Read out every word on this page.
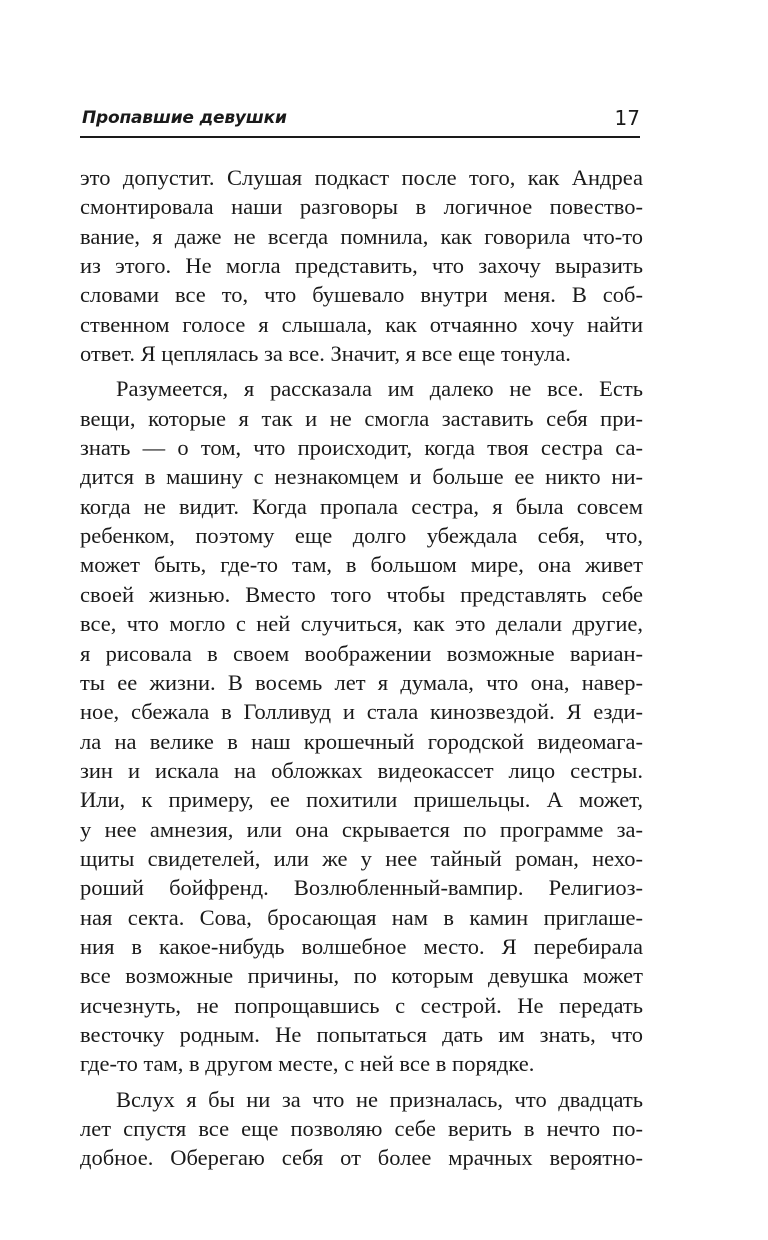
Пропавшие девушки	17
это допустит. Слушая подкаст после того, как Андреа
смонтировала наши разговоры в логичное повество-
вание, я даже не всегда помнила, как говорила что-то
из этого. Не могла представить, что захочу выразить
словами все то, что бушевало внутри меня. В соб-
ственном голосе я слышала, как отчаянно хочу найти
ответ. Я цеплялась за все. Значит, я все еще тонула.
Разумеется, я рассказала им далеко не все. Есть
вещи, которые я так и не смогла заставить себя при-
знать — о том, что происходит, когда твоя сестра са-
дится в машину с незнакомцем и больше ее никто ни-
когда не видит. Когда пропала сестра, я была совсем
ребенком, поэтому еще долго убеждала себя, что,
может быть, где-то там, в большом мире, она живет
своей жизнью. Вместо того чтобы представлять себе
все, что могло с ней случиться, как это делали другие,
я рисовала в своем воображении возможные вариан-
ты ее жизни. В восемь лет я думала, что она, навер-
ное, сбежала в Голливуд и стала кинозвездой. Я езди-
ла на велике в наш крошечный городской видеомага-
зин и искала на обложках видеокассет лицо сестры.
Или, к примеру, ее похитили пришельцы. А может,
у нее амнезия, или она скрывается по программе за-
щиты свидетелей, или же у нее тайный роман, нехо-
роший бойфренд. Возлюбленный-вампир. Религиоз-
ная секта. Сова, бросающая нам в камин приглаше-
ния в какое-нибудь волшебное место. Я перебирала
все возможные причины, по которым девушка может
исчезнуть, не попрощавшись с сестрой. Не передать
весточку родным. Не попытаться дать им знать, что
где-то там, в другом месте, с ней все в порядке.
Вслух я бы ни за что не призналась, что двадцать
лет спустя все еще позволяю себе верить в нечто по-
добное. Оберегаю себя от более мрачных вероятно-
